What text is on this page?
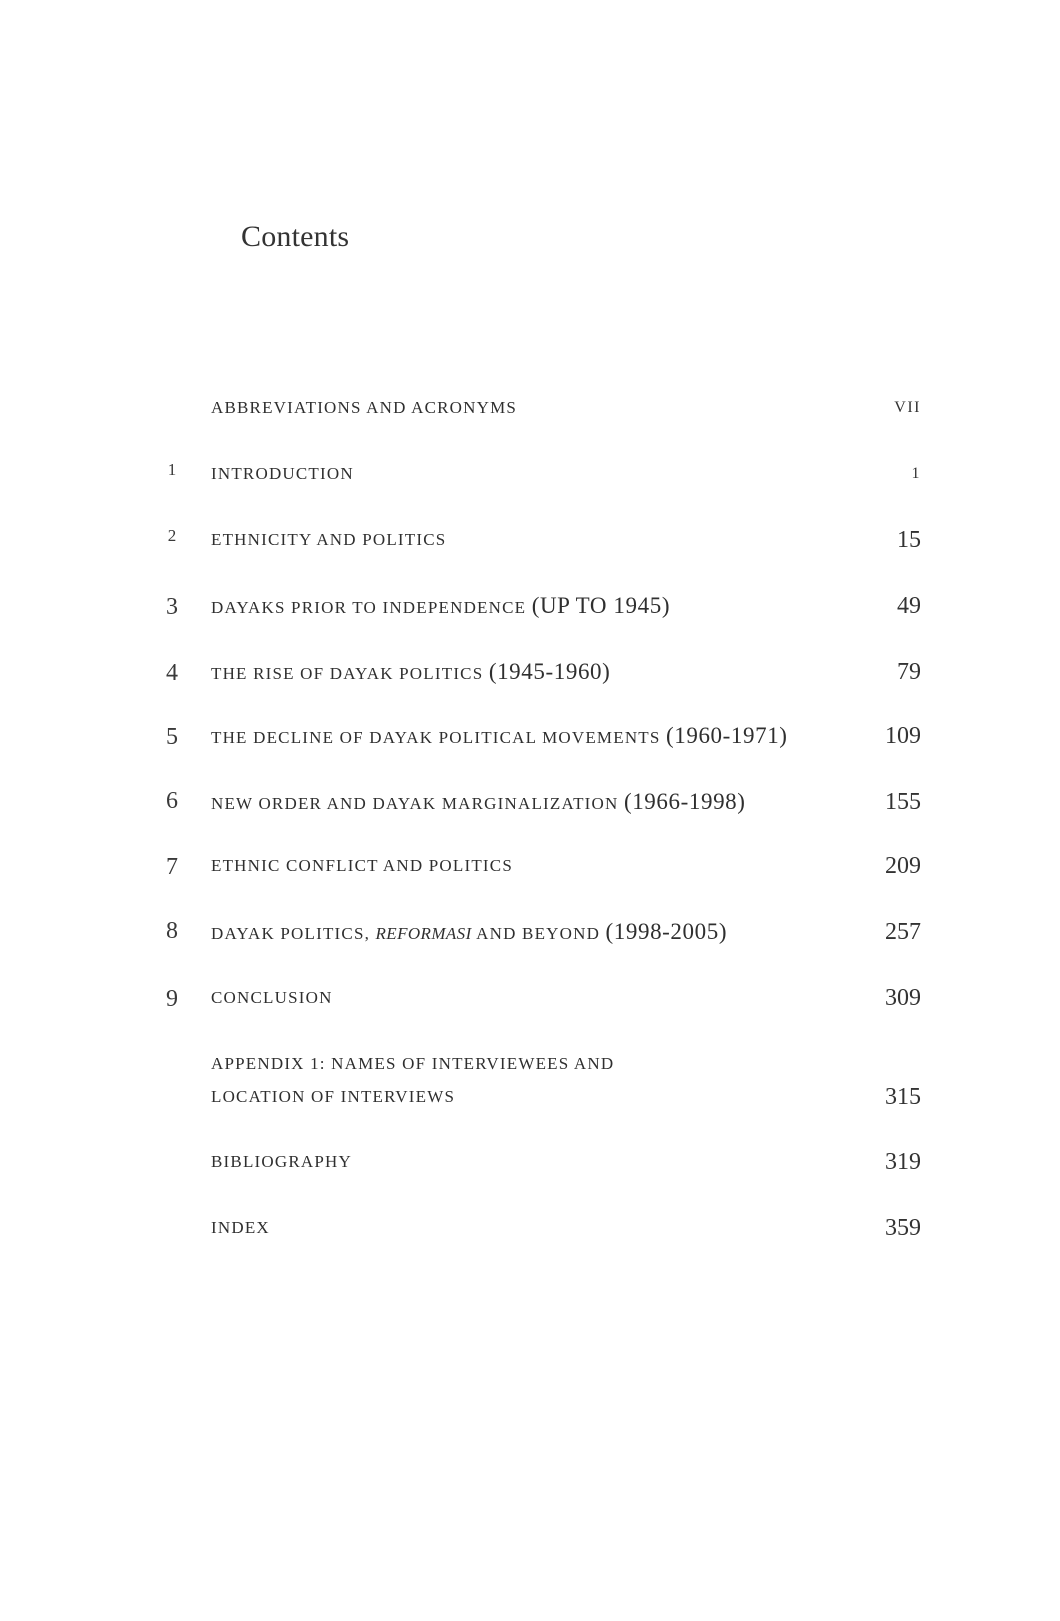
Contents
ABBREVIATIONS AND ACRONYMS	VII
1	INTRODUCTION	1
2	ETHNICITY AND POLITICS	15
3	DAYAKS PRIOR TO INDEPENDENCE (UP TO 1945)	49
4	THE RISE OF DAYAK POLITICS (1945-1960)	79
5	THE DECLINE OF DAYAK POLITICAL MOVEMENTS (1960-1971)	109
6	NEW ORDER AND DAYAK MARGINALIZATION (1966-1998)	155
7	ETHNIC CONFLICT AND POLITICS	209
8	DAYAK POLITICS, REFORMASI AND BEYOND (1998-2005)	257
9	CONCLUSION	309
APPENDIX 1: NAMES OF INTERVIEWEES AND
LOCATION OF INTERVIEWS	315
BIBLIOGRAPHY	319
INDEX	359
